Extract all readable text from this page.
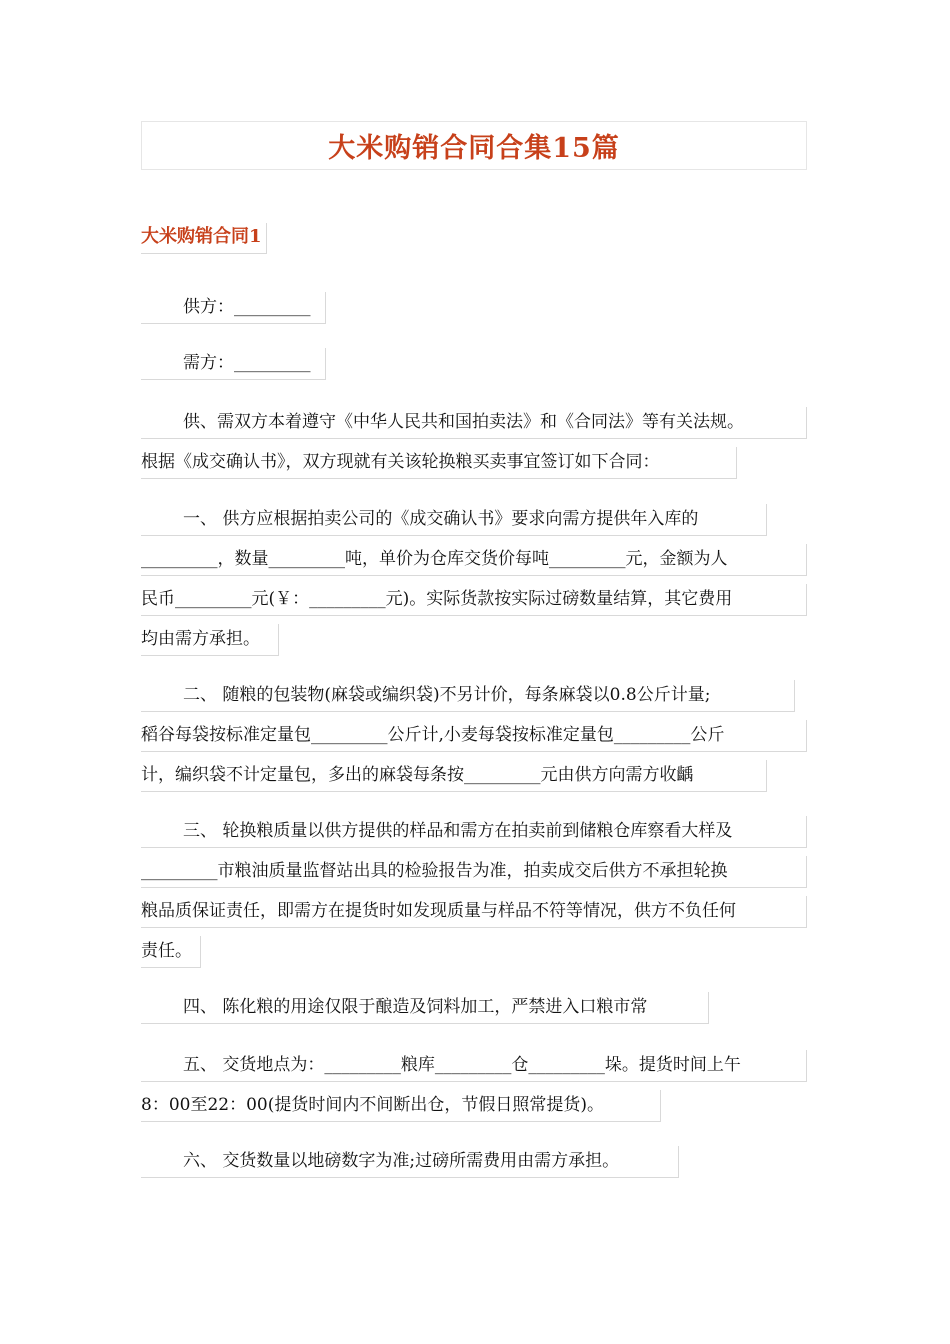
大米购销合同合集15篇
大米购销合同1
供方：_________
需方：_________
供、需双方本着遵守《中华人民共和国拍卖法》和《合同法》等有关法规。
根据《成交确认书》，双方现就有关该轮换粮买卖事宜签订如下合同：
一、 供方应根据拍卖公司的《成交确认书》要求向需方提供年入库的
_________，数量_________吨，单价为仓库交货价每吨_________元，金额为人
民币_________元(￥：_________元)。实际货款按实际过磅数量结算，其它费用
均由需方承担。
二、 随粮的包装物(麻袋或编织袋)不另计价，每条麻袋以0.8公斤计量;
稻谷每袋按标准定量包_________公斤计,小麦每袋按标准定量包_________公斤
计，编织袋不计定量包，多出的麻袋每条按_________元由供方向需方收齲
三、 轮换粮质量以供方提供的样品和需方在拍卖前到储粮仓库察看大样及
_________市粮油质量监督站出具的检验报告为准，拍卖成交后供方不承担轮换
粮品质保证责任，即需方在提货时如发现质量与样品不符等情况，供方不负任何
责任。
四、 陈化粮的用途仅限于酿造及饲料加工，严禁进入口粮市常
五、 交货地点为：_________粮库_________仓_________垛。提货时间上午
8：00至22：00(提货时间内不间断出仓，节假日照常提货)。
六、 交货数量以地磅数字为准;过磅所需费用由需方承担。
